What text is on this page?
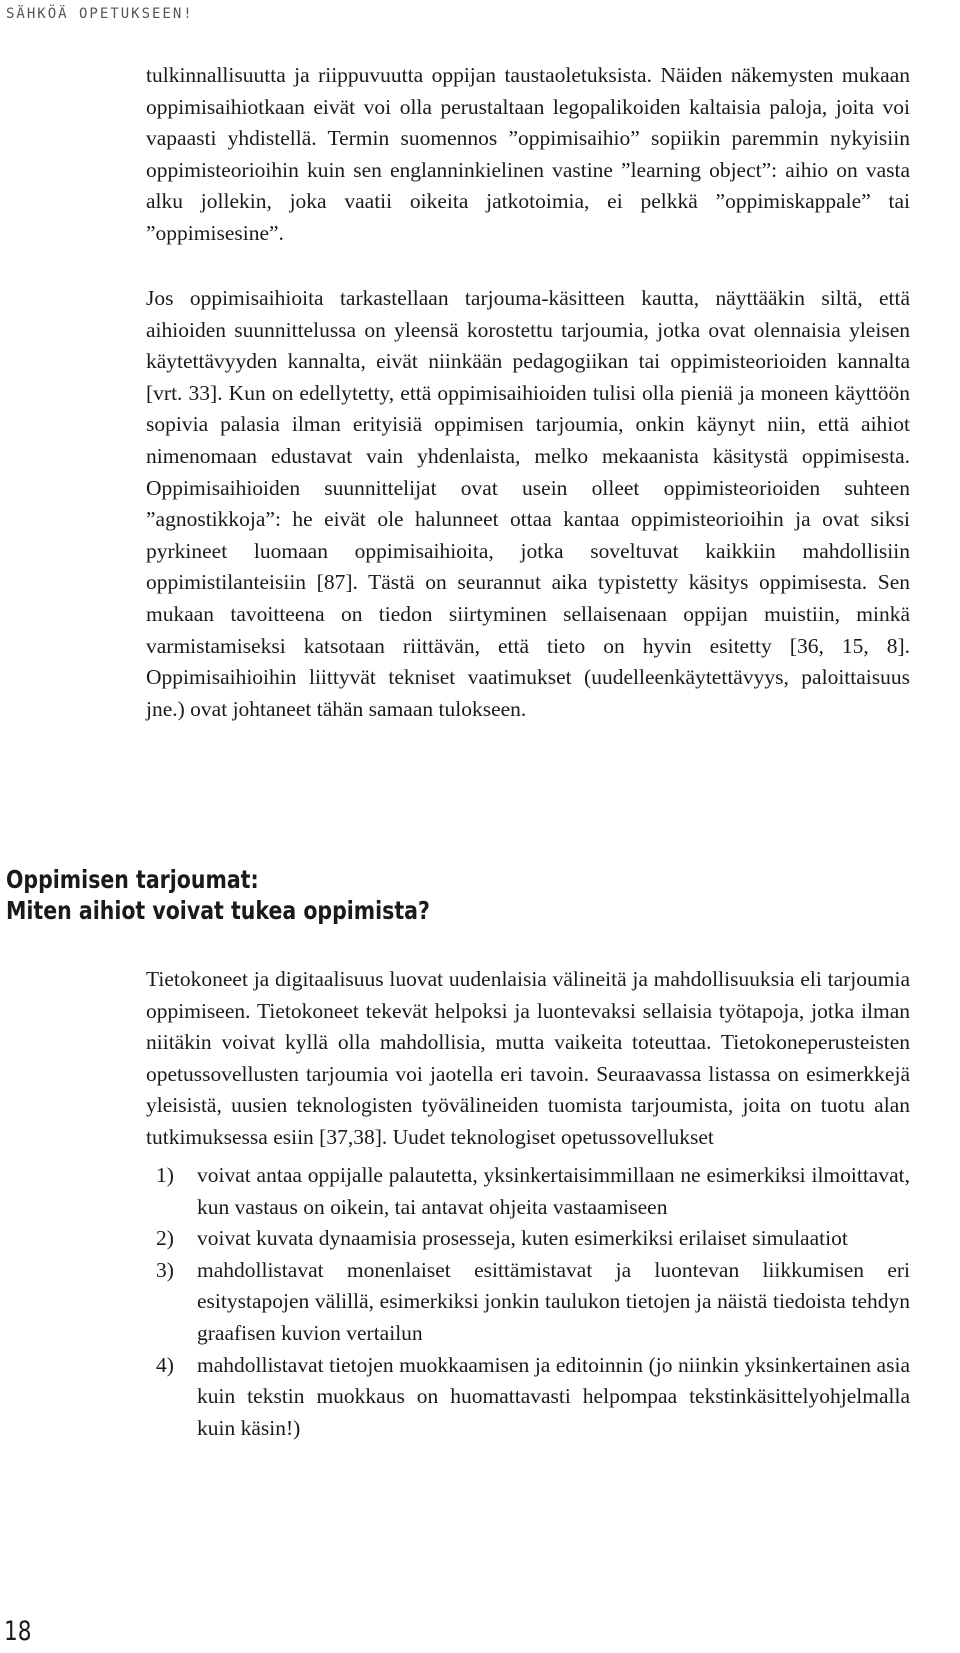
SÄHKÖÄ OPETUKSEEN!

tulkinnallisuutta ja riippuvuutta oppijan taustaoletuksista. Näiden näkemysten mukaan oppimisaihiotkaan eivät voi olla perustaltaan legopalikoiden kaltaisia paloja, joita voi vapaasti yhdistellä. Termin suomennos ”oppimisaihio” sopiikin paremmin nykyisiin oppimisteorioihin kuin sen englanninkielinen vastine ”learning object”: aihio on vasta alku jollekin, joka vaatii oikeita jatkotoimia, ei pelkkä ”oppimiskappale” tai ”oppimisesine”.

Jos oppimisaihioita tarkastellaan tarjouma-käsitteen kautta, näyttääkin siltä, että aihioiden suunnittelussa on yleensä korostettu tarjoumia, jotka ovat olennaisia yleisen käytettävyyden kannalta, eivät niinkään pedagogiikan tai oppimisteorioiden kannalta [vrt. 33]. Kun on edellytetty, että oppimisaihioiden tulisi olla pieniä ja moneen käyttöön sopivia palasia ilman erityisiä oppimisen tarjoumia, onkin käynyt niin, että aihiot nimenomaan edustavat vain yhdenlaista, melko mekaanista käsitystä oppimisesta. Oppimisaihioiden suunnittelijat ovat usein olleet oppimisteorioiden suhteen ”agnostikkoja”: he eivät ole halunneet ottaa kantaa oppimisteorioihin ja ovat siksi pyrkineet luomaan oppimisaihioita, jotka soveltuvat kaikkiin mahdollisiin oppimistilanteisiin [87]. Tästä on seurannut aika typistetty käsitys oppimisesta. Sen mukaan tavoitteena on tiedon siirtyminen sellaisenaan oppijan muistiin, minkä varmistamiseksi katsotaan riittävän, että tieto on hyvin esitetty [36, 15, 8]. Oppimisaihioihin liittyvät tekniset vaatimukset (uudelleenkäytettävyys, paloittaisuus jne.) ovat johtaneet tähän samaan tulokseen.

Oppimisen tarjoumat:
Miten aihiot voivat tukea oppimista?

Tietokoneet ja digitaalisuus luovat uudenlaisia välineitä ja mahdollisuuksia eli tarjoumia oppimiseen. Tietokoneet tekevät helpoksi ja luontevaksi sellaisia työtapoja, jotka ilman niitäkin voivat kyllä olla mahdollisia, mutta vaikeita toteuttaa. Tietokoneperusteisten opetussovellusten tarjoumia voi jaotella eri tavoin. Seuraavassa listassa on esimerkkejä yleisistä, uusien teknologisten työvälineiden tuomista tarjoumista, joita on tuotu alan tutkimuksessa esiin [37,38]. Uudet teknologiset opetussovellukset

1) voivat antaa oppijalle palautetta, yksinkertaisimmillaan ne esimerkiksi ilmoittavat, kun vastaus on oikein, tai antavat ohjeita vastaamiseen
2) voivat kuvata dynaamisia prosesseja, kuten esimerkiksi erilaiset simulaatiot
3) mahdollistavat monenlaiset esittämistavat ja luontevan liikkumisen eri esitystapojen välillä, esimerkiksi jonkin taulukon tietojen ja näistä tiedoista tehdyn graafisen kuvion vertailun
4) mahdollistavat tietojen muokkaamisen ja editoinnin (jo niinkin yksinkertainen asia kuin tekstin muokkaus on huomattavasti helpompaa tekstinkäsittelyohjelmalla kuin käsin!)
18
